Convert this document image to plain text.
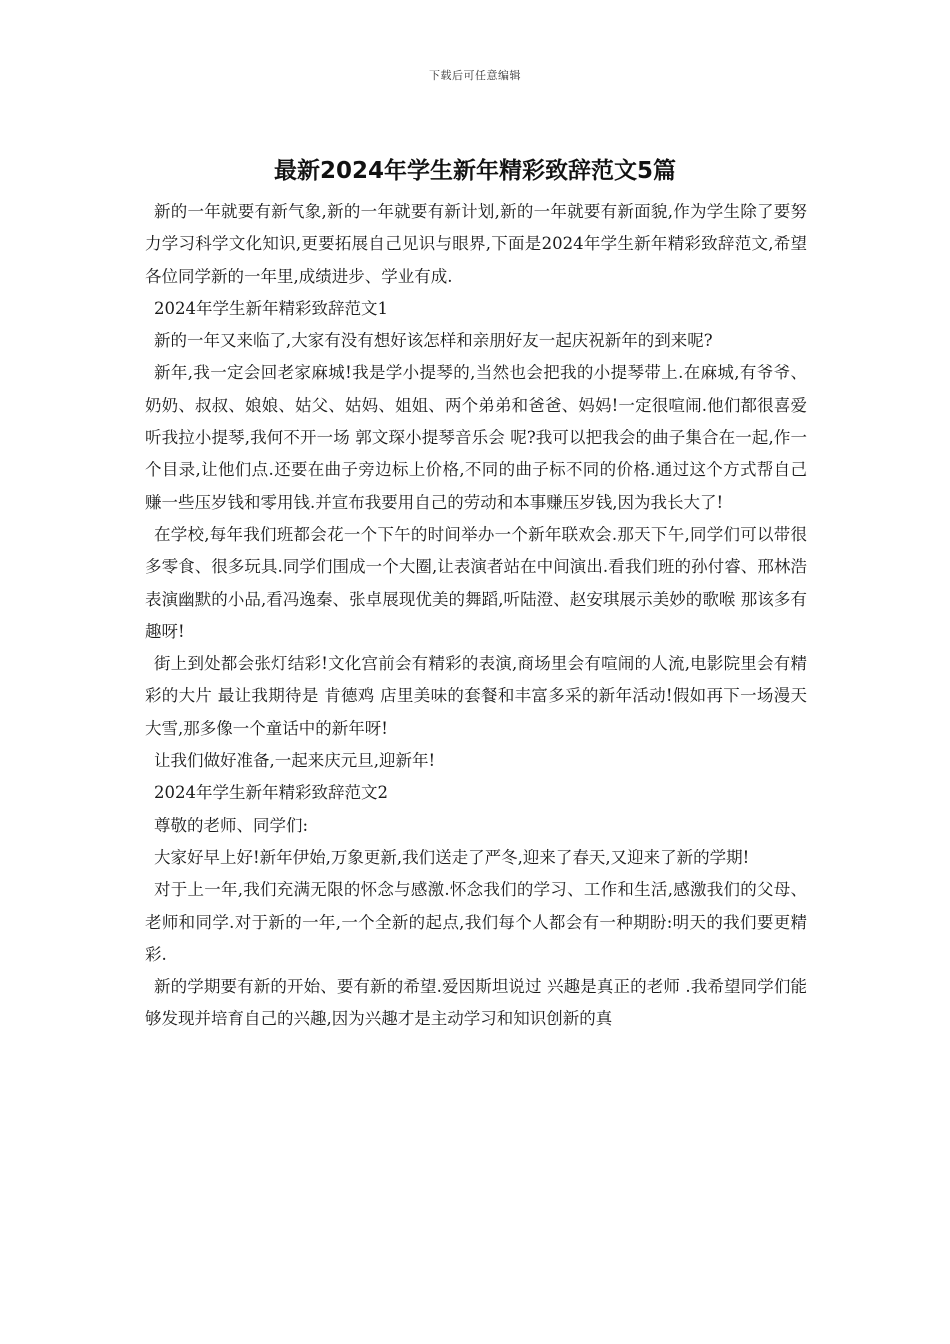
下载后可任意编辑
最新2024年学生新年精彩致辞范文5篇

新的一年就要有新气象,新的一年就要有新计划,新的一年就要有新面貌,作为学生除了要努力学习科学文化知识,更要拓展自己见识与眼界,下面是2024年学生新年精彩致辞范文,希望各位同学新的一年里,成绩进步、学业有成.

2024年学生新年精彩致辞范文1

新的一年又来临了,大家有没有想好该怎样和亲朋好友一起庆祝新年的到来呢?

新年,我一定会回老家麻城!我是学小提琴的,当然也会把我的小提琴带上.在麻城,有爷爷、奶奶、叔叔、娘娘、姑父、姑妈、姐姐、两个弟弟和爸爸、妈妈!一定很喧闹.他们都很喜爱听我拉小提琴,我何不开一场 郭文琛小提琴音乐会 呢?我可以把我会的曲子集合在一起,作一个目录,让他们点.还要在曲子旁边标上价格,不同的曲子标不同的价格.通过这个方式帮自己赚一些压岁钱和零用钱.并宣布我要用自己的劳动和本事赚压岁钱,因为我长大了!

在学校,每年我们班都会花一个下午的时间举办一个新年联欢会.那天下午,同学们可以带很多零食、很多玩具.同学们围成一个大圈,让表演者站在中间演出.看我们班的孙付睿、邢林浩表演幽默的小品,看冯逸秦、张卓展现优美的舞蹈,听陆澄、赵安琪展示美妙的歌喉 那该多有趣呀!

街上到处都会张灯结彩!文化宫前会有精彩的表演,商场里会有喧闹的人流,电影院里会有精彩的大片 最让我期待是 肯德鸡 店里美味的套餐和丰富多采的新年活动!假如再下一场漫天大雪,那多像一个童话中的新年呀!

让我们做好准备,一起来庆元旦,迎新年!

2024年学生新年精彩致辞范文2

尊敬的老师、同学们:

大家好早上好!新年伊始,万象更新,我们送走了严冬,迎来了春天,又迎来了新的学期!

对于上一年,我们充满无限的怀念与感激.怀念我们的学习、工作和生活,感激我们的父母、老师和同学.对于新的一年,一个全新的起点,我们每个人都会有一种期盼:明天的我们要更精彩.

新的学期要有新的开始、要有新的希望.爱因斯坦说过 兴趣是真正的老师 .我希望同学们能够发现并培育自己的兴趣,因为兴趣才是主动学习和知识创新的真
